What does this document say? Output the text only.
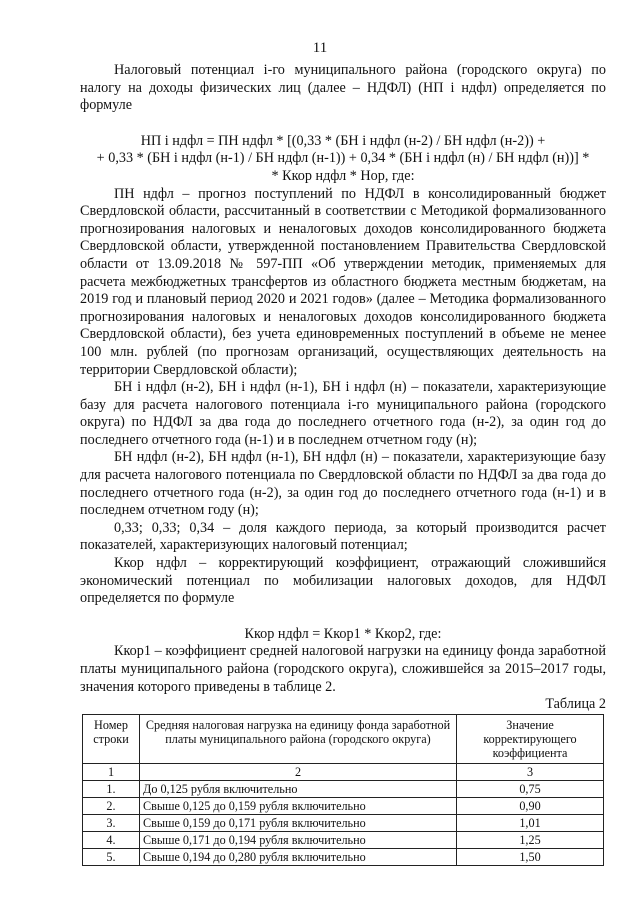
11

Налоговый потенциал i-го муниципального района (городского округа) по налогу на доходы физических лиц (далее – НДФЛ) (НП i ндфл) определяется по формуле

НП i ндфл = ПН ндфл * [(0,33 * (БН i ндфл (н-2) / БН ндфл (н-2)) +

+ 0,33 * (БН i ндфл (н-1) / БН ндфл (н-1)) + 0,34 * (БН i ндфл (н) / БН ндфл (н))] *

* Ккор ндфл * Нор, где:

ПН ндфл – прогноз поступлений по НДФЛ в консолидированный бюджет Свердловской области, рассчитанный в соответствии с Методикой формализованного прогнозирования налоговых и неналоговых доходов консолидированного бюджета Свердловской области, утвержденной постановлением Правительства Свердловской области от 13.09.2018 № 597-ПП «Об утверждении методик, применяемых для расчета межбюджетных трансфертов из областного бюджета местным бюджетам, на 2019 год и плановый период 2020 и 2021 годов» (далее – Методика формализованного прогнозирования налоговых и неналоговых доходов консолидированного бюджета Свердловской области), без учета единовременных поступлений в объеме не менее 100 млн. рублей (по прогнозам организаций, осуществляющих деятельность на территории Свердловской области);

БН i ндфл (н-2), БН i ндфл (н-1), БН i ндфл (н) – показатели, характеризующие базу для расчета налогового потенциала i-го муниципального района (городского округа) по НДФЛ за два года до последнего отчетного года (н-2), за один год до последнего отчетного года (н-1) и в последнем отчетном году (н);

БН ндфл (н-2), БН ндфл (н-1), БН ндфл (н) – показатели, характеризующие базу для расчета налогового потенциала по Свердловской области по НДФЛ за два года до последнего отчетного года (н-2), за один год до последнего отчетного года (н-1) и в последнем отчетном году (н);

0,33; 0,33; 0,34 – доля каждого периода, за который производится расчет показателей, характеризующих налоговый потенциал;

Ккор ндфл – корректирующий коэффициент, отражающий сложившийся экономический потенциал по мобилизации налоговых доходов, для НДФЛ определяется по формуле

Ккор ндфл = Ккор1 * Ккор2, где:

Ккор1 – коэффициент средней налоговой нагрузки на единицу фонда заработной платы муниципального района (городского округа), сложившейся за 2015–2017 годы, значения которого приведены в таблице 2.

Таблица 2

Номер строки	Средняя налоговая нагрузка на единицу фонда заработной платы муниципального района (городского округа)	Значение корректирующего коэффициента
1	2	3
1.	До 0,125 рубля включительно	0,75
2.	Свыше 0,125 до 0,159 рубля включительно	0,90
3.	Свыше 0,159 до 0,171 рубля включительно	1,01
4.	Свыше 0,171 до 0,194 рубля включительно	1,25
5.	Свыше 0,194 до 0,280 рубля включительно	1,50
